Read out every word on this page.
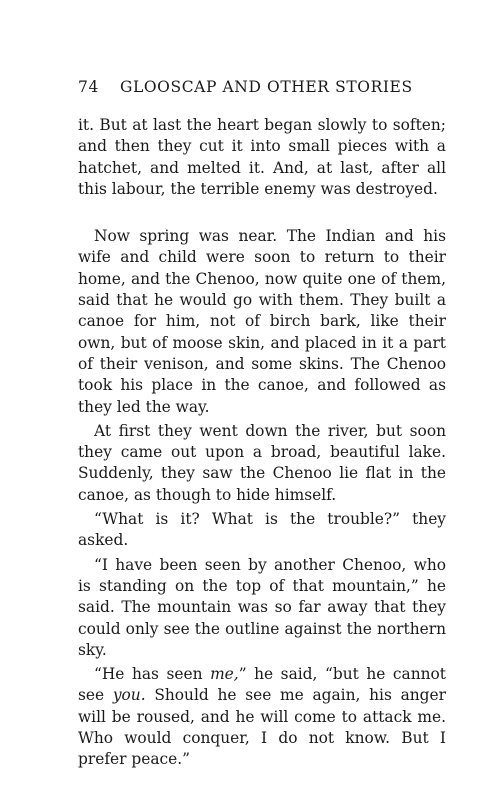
74 GLOOSCAP AND OTHER STORIES

it. But at last the heart began slowly to soften; and then they cut it into small pieces with a hatchet, and melted it. And, at last, after all this labour, the terrible enemy was destroyed.

Now spring was near. The Indian and his wife and child were soon to return to their home, and the Chenoo, now quite one of them, said that he would go with them. They built a canoe for him, not of birch bark, like their own, but of moose skin, and placed in it a part of their venison, and some skins. The Chenoo took his place in the canoe, and followed as they led the way.

At first they went down the river, but soon they came out upon a broad, beautiful lake. Suddenly, they saw the Chenoo lie flat in the canoe, as though to hide himself.

“What is it? What is the trouble?” they asked.

“I have been seen by another Chenoo, who is standing on the top of that mountain,” he said. The mountain was so far away that they could only see the outline against the northern sky.

“He has seen me,” he said, “but he cannot see you. Should he see me again, his anger will be roused, and he will come to attack me. Who would conquer, I do not know. But I prefer peace.”
